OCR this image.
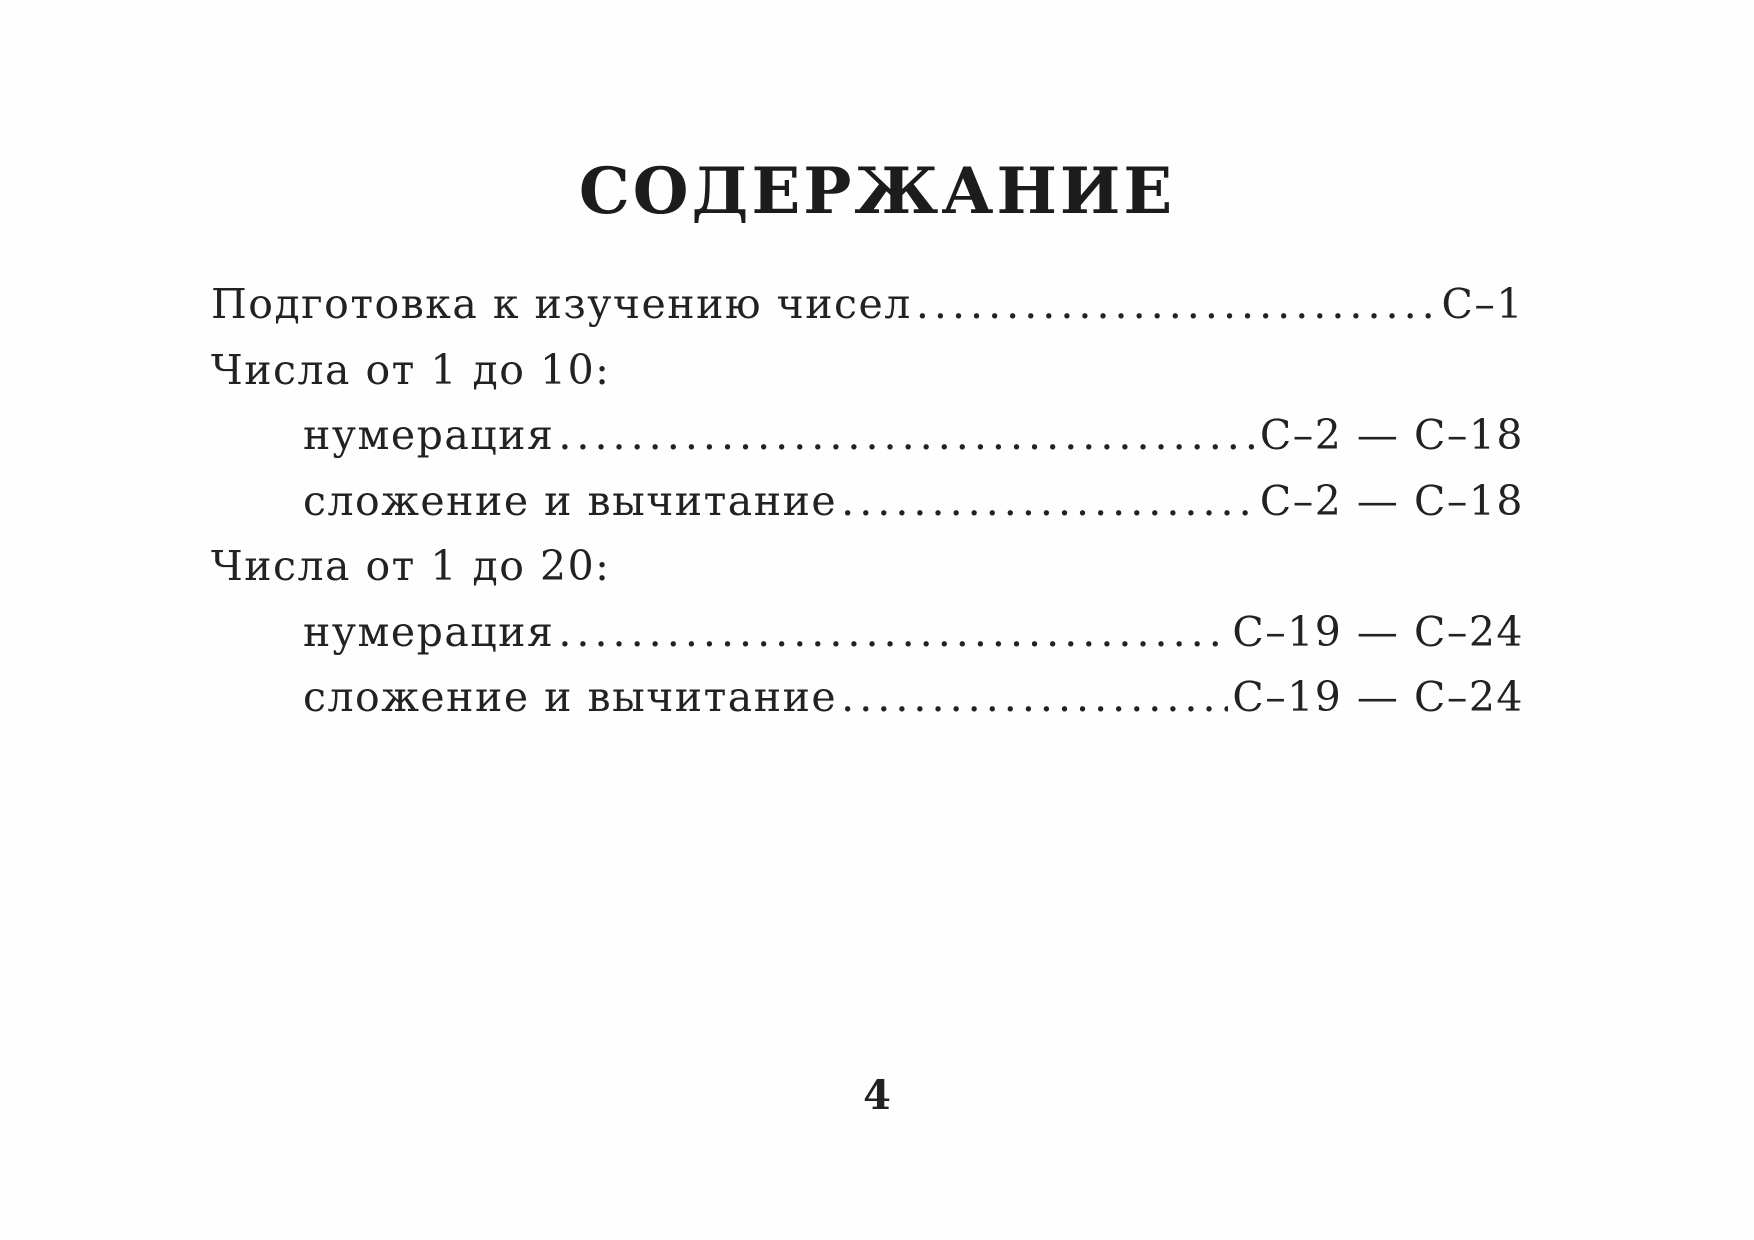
СОДЕРЖАНИЕ
Подготовка к изучению чисел . . .	С–1
Числа от 1 до 10:
нумерация . . .	С–2 — С–18
сложение и вычитание . . .	С–2 — С–18
Числа от 1 до 20:
нумерация . . .	С–19 — С–24
сложение и вычитание . . .	С–19 — С–24
4
